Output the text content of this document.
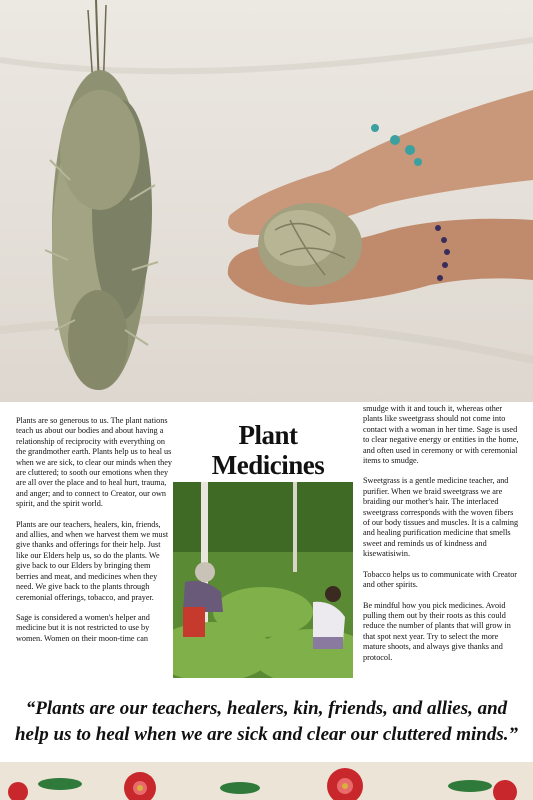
Plants are so generous to us. The plant nations teach us about our bodies and about having a relationship of reciprocity with everything on the grandmother earth. Plants help us to heal us when we are sick, to clear our minds when they are cluttered; to sooth our emotions when they are all over the place and to heal hurt, trauma, and anger; and to connect to Creator, our own spirit, and the spirit world.

Plants are our teachers, healers, kin, friends, and allies, and when we harvest them we must give thanks and offerings for their help. Just like our Elders help us, so do the plants. We give back to our Elders by bringing them berries and meat, and medicines when they need. We give back to the plants through ceremonial offerings, tobacco, and prayer.

Sage is considered a women's helper and medicine but it is not restricted to use by women. Women on their moon-time can

Plant
Medicines

smudge with it and touch it, whereas other plants like sweetgrass should not come into contact with a woman in her time. Sage is used to clear negative energy or entities in the home, and often used in ceremony or with ceremonial items to smudge.

Sweetgrass is a gentle medicine teacher, and purifier. When we braid sweetgrass we are braiding our mother's hair. The interlaced sweetgrass corresponds with the woven fibers of our body tissues and muscles. It is a calming and healing purification medicine that smells sweet and reminds us of kindness and kisewatisiwin.

Tobacco helps us to communicate with Creator and other spirits.

Be mindful how you pick medicines. Avoid pulling them out by their roots as this could reduce the number of plants that will grow in that spot next year. Try to select the more mature shoots, and always give thanks and protocol.

“Plants are our teachers, healers, kin, friends, and allies, and
help us to heal when we are sick and clear our cluttered minds.”
